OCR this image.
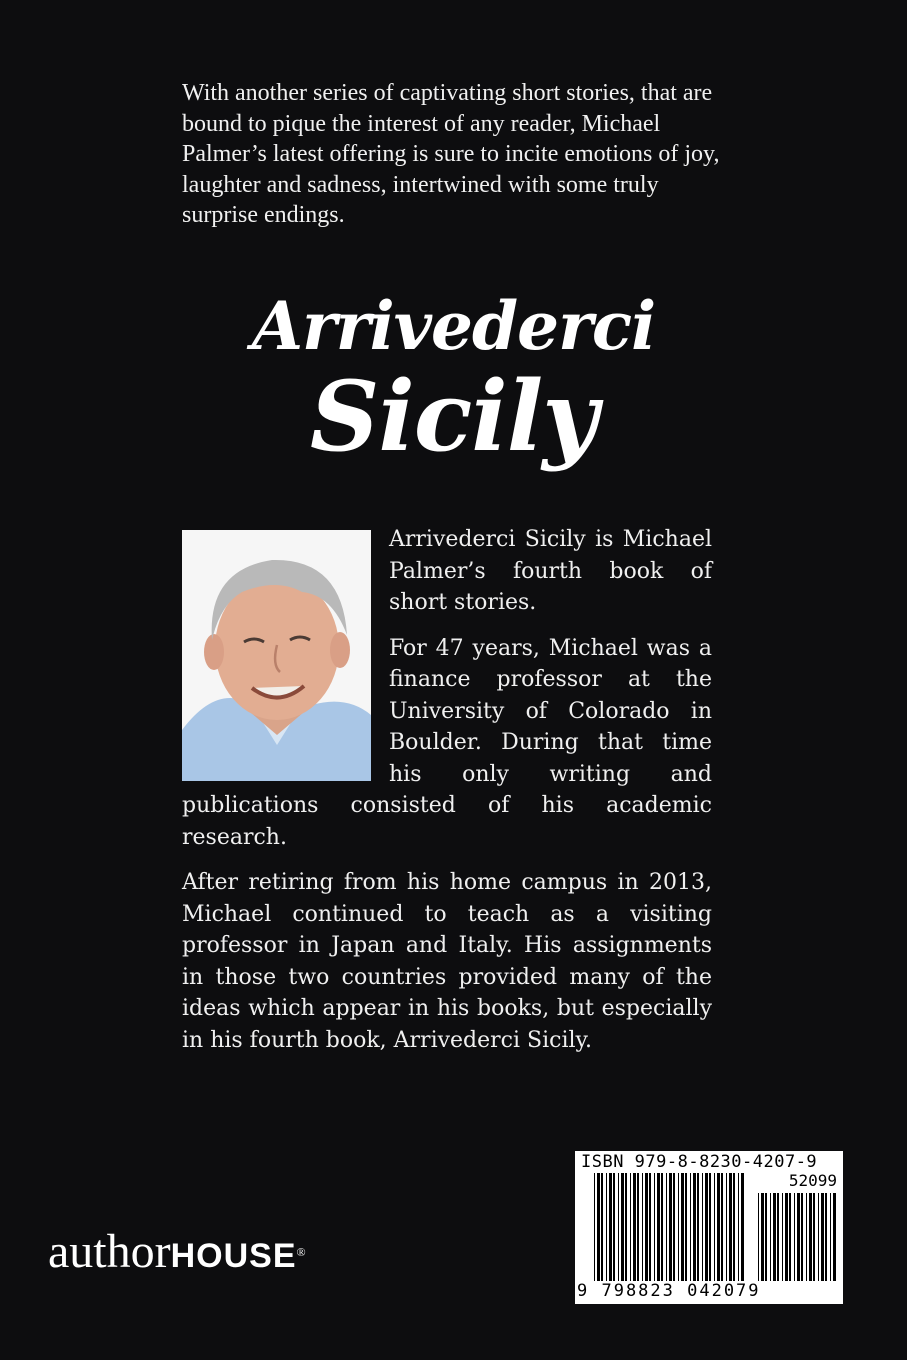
With another series of captivating short stories, that are bound to pique the interest of any reader, Michael Palmer’s latest offering is sure to incite emotions of joy, laughter and sadness, intertwined with some truly surprise endings.

Arrivederci
Sicily

Arrivederci Sicily is Michael Palmer’s fourth book of short stories.

For 47 years, Michael was a finance professor at the University of Colorado in Boulder. During that time his only writing and publications consisted of his academic research.

After retiring from his home campus in 2013, Michael continued to teach as a visiting professor in Japan and Italy. His assignments in those two countries provided many of the ideas which appear in his books, but especially in his fourth book, Arrivederci Sicily.

authorHOUSE®
ISBN 979-8-8230-4207-9
52099
9 798823 042079
